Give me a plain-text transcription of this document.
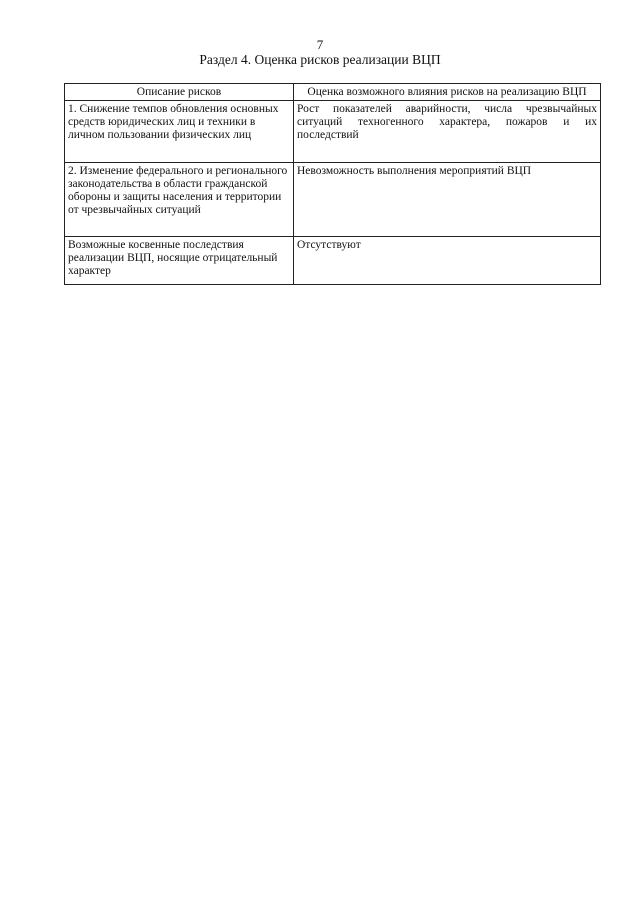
7
Раздел 4. Оценка рисков реализации ВЦП
Описание рисков	Оценка возможного влияния рисков на реализацию ВЦП
1. Снижение темпов обновления основных средств юридических лиц и техники в личном пользовании физических лиц	Рост показателей аварийности, числа чрезвычайных ситуаций техногенного характера, пожаров и их последствий
2. Изменение федерального и регионального законодательства в области гражданской обороны и защиты населения и территории от чрезвычайных ситуаций	Невозможность выполнения мероприятий ВЦП
Возможные косвенные последствия реализации ВЦП, носящие отрицательный характер	Отсутствуют
